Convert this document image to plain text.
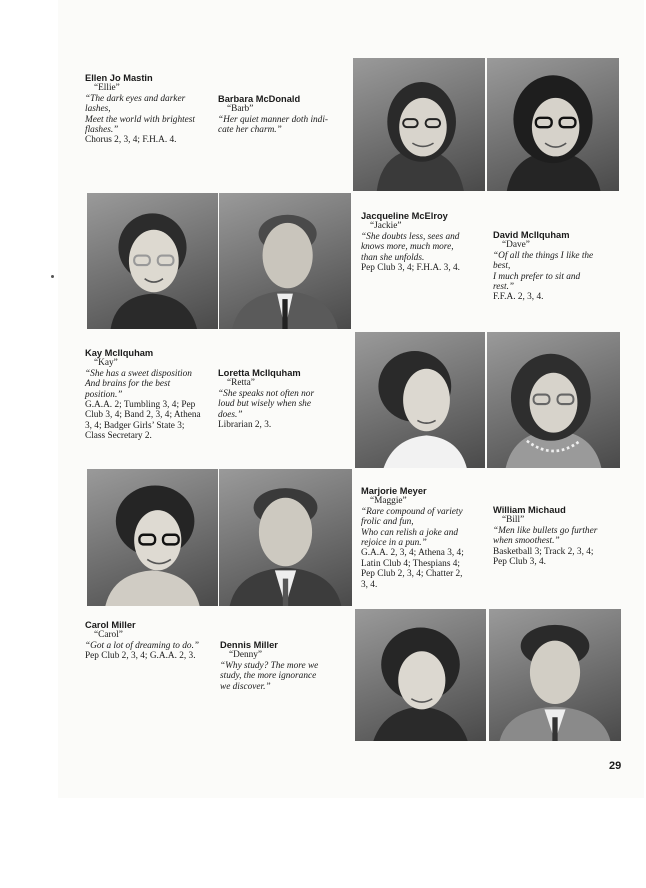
Ellen Jo Mastin
“Ellie”
“The dark eyes and darker
lashes,
Meet the world with brightest
flashes.”
Chorus 2, 3, 4; F.H.A. 4.
Barbara McDonald
“Barb”
“Her quiet manner doth indi-
cate her charm.”
Jacqueline McElroy
“Jackie”
“She doubts less, sees and
knows more, much more,
than she unfolds.
Pep Club 3, 4; F.H.A. 3, 4.
David McIlquham
“Dave”
“Of all the things I like the
best,
I much prefer to sit and
rest.”
F.F.A. 2, 3, 4.
Kay McIlquham
“Kay”
“She has a sweet disposition
And brains for the best
position.”
G.A.A. 2; Tumbling 3, 4; Pep
Club 3, 4; Band 2, 3, 4; Athena
3, 4; Badger Girls’ State 3;
Class Secretary 2.
Loretta McIlquham
“Retta”
“She speaks not often nor
loud but wisely when she
does.”
Librarian 2, 3.
Marjorie Meyer
“Maggie”
“Rare compound of variety
frolic and fun,
Who can relish a joke and
rejoice in a pun.”
G.A.A. 2, 3, 4; Athena 3, 4;
Latin Club 4; Thespians 4;
Pep Club 2, 3, 4; Chatter 2,
3, 4.
William Michaud
“Bill”
“Men like bullets go further
when smoothest.”
Basketball 3; Track 2, 3, 4;
Pep Club 3, 4.
Carol Miller
“Carol”
“Got a lot of dreaming to do.”
Pep Club 2, 3, 4; G.A.A. 2, 3.
Dennis Miller
“Denny”
“Why study? The more we
study, the more ignorance
we discover.”
29
